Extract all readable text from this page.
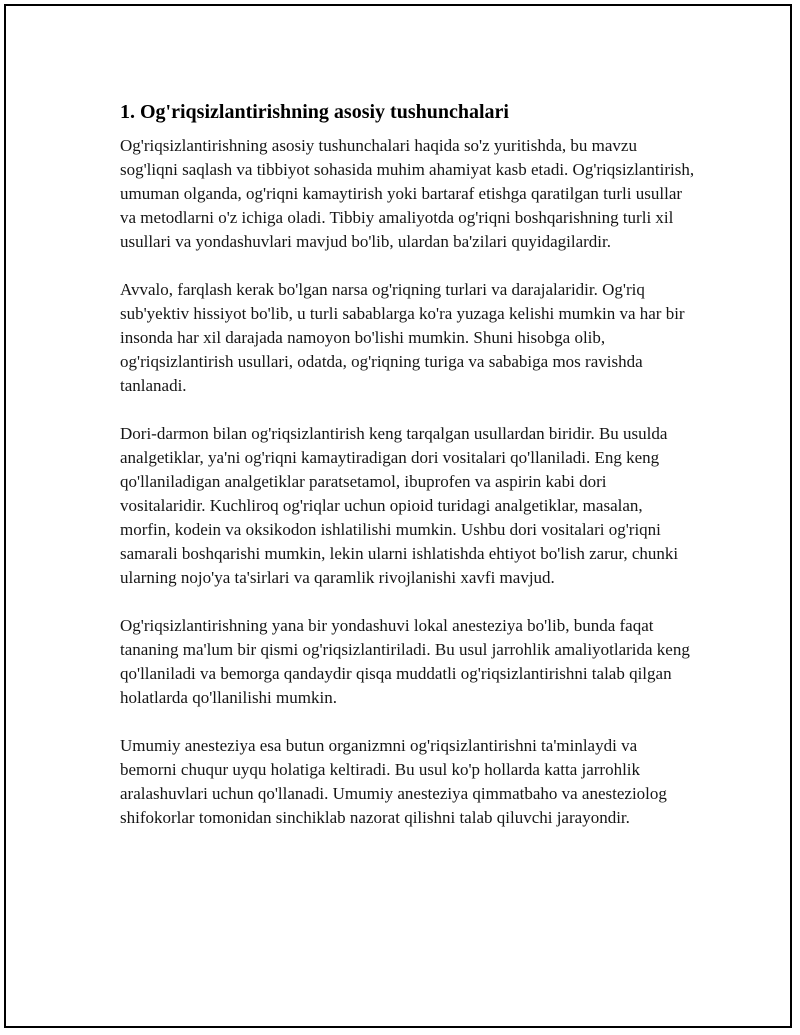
1. Og'riqsizlantirishning asosiy tushunchalari

Og'riqsizlantirishning asosiy tushunchalari haqida so'z yuritishda, bu mavzu sog'liqni saqlash va tibbiyot sohasida muhim ahamiyat kasb etadi. Og'riqsizlantirish, umuman olganda, og'riqni kamaytirish yoki bartaraf etishga qaratilgan turli usullar va metodlarni o'z ichiga oladi. Tibbiy amaliyotda og'riqni boshqarishning turli xil usullari va yondashuvlari mavjud bo'lib, ulardan ba'zilari quyidagilardir.

Avvalo, farqlash kerak bo'lgan narsa og'riqning turlari va darajalaridir. Og'riq sub'yektiv hissiyot bo'lib, u turli sabablarga ko'ra yuzaga kelishi mumkin va har bir insonda har xil darajada namoyon bo'lishi mumkin. Shuni hisobga olib, og'riqsizlantirish usullari, odatda, og'riqning turiga va sababiga mos ravishda tanlanadi.

Dori-darmon bilan og'riqsizlantirish keng tarqalgan usullardan biridir. Bu usulda analgetiklar, ya'ni og'riqni kamaytiradigan dori vositalari qo'llaniladi. Eng keng qo'llaniladigan analgetiklar paratsetamol, ibuprofen va aspirin kabi dori vositalaridir. Kuchliroq og'riqlar uchun opioid turidagi analgetiklar, masalan, morfin, kodein va oksikodon ishlatilishi mumkin. Ushbu dori vositalari og'riqni samarali boshqarishi mumkin, lekin ularni ishlatishda ehtiyot bo'lish zarur, chunki ularning nojo'ya ta'sirlari va qaramlik rivojlanishi xavfi mavjud.

Og'riqsizlantirishning yana bir yondashuvi lokal anesteziya bo'lib, bunda faqat tananing ma'lum bir qismi og'riqsizlantiriladi. Bu usul jarrohlik amaliyotlarida keng qo'llaniladi va bemorga qandaydir qisqa muddatli og'riqsizlantirishni talab qilgan holatlarda qo'llanilishi mumkin.

Umumiy anesteziya esa butun organizmni og'riqsizlantirishni ta'minlaydi va bemorni chuqur uyqu holatiga keltiradi. Bu usul ko'p hollarda katta jarrohlik aralashuvlari uchun qo'llanadi. Umumiy anesteziya qimmatbaho va anesteziolog shifokorlar tomonidan sinchiklab nazorat qilishni talab qiluvchi jarayondir.
